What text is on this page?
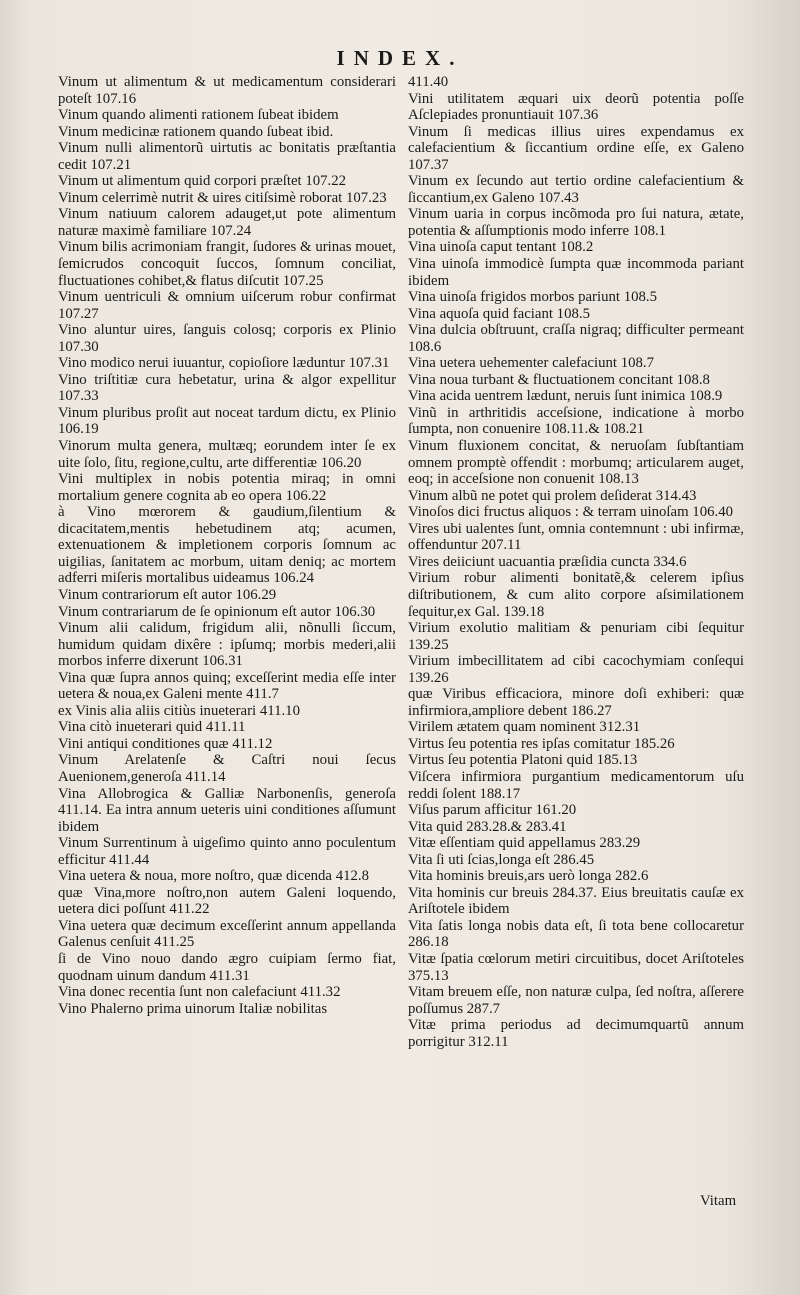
INDEX.
Vinum ut alimentum & ut medicamentum considerari poteſt 107.16
Vinum quando alimenti rationem ſubeat ibidem
Vinum medicinæ rationem quando ſubeat ibid.
Vinum nulli alimentorũ uirtutis ac bonitatis præſtantia cedit 107.21
Vinum ut alimentum quid corpori præſtet 107.22
Vinum celerrimè nutrit & uires citiſsimè roborat 107.23
Vinum natiuum calorem adauget,ut pote alimentum naturæ maximè familiare 107.24
Vinum bilis acrimoniam frangit, ſudores & urinas mouet, ſemicrudos concoquit ſuccos, ſomnum conciliat, fluctuationes cohibet,& flatus diſcutit 107.25
Vinum uentriculi & omnium uiſcerum robur confirmat 107.27
Vino aluntur uires, ſanguis colosq; corporis ex Plinio 107.30
Vino modico nerui iuuantur, copioſiore læduntur 107.31
Vino triſtitiæ cura hebetatur, urina & algor expellitur 107.33
Vinum pluribus proſit aut noceat tardum dictu, ex Plinio 106.19
Vinorum multa genera, multæq; eorundem inter ſe ex uite ſolo, ſitu, regione,cultu, arte differentiæ 106.20
Vini multiplex in nobis potentia miraq; in omni mortalium genere cognita ab eo opera 106.22
à Vino mœrorem & gaudium,ſilentium & dicacitatem,mentis hebetudinem atq; acumen, extenuationem & impletionem corporis ſomnum ac uigilias, ſanitatem ac morbum, uitam deniq; ac mortem adferri miſeris mortalibus uideamus 106.24
Vinum contrariorum eſt autor 106.29
Vinum contrariarum de ſe opinionum eſt autor 106.30
Vinum alii calidum, frigidum alii, nõnulli ſiccum, humidum quidam dixêre : ipſumq; morbis mederi,alii morbos inferre dixerunt 106.31
Vina quæ ſupra annos quinq; exceſſerint media eſſe inter uetera & noua,ex Galeni mente 411.7
ex Vinis alia aliis citiùs inueterari 411.10
Vina citò inueterari quid 411.11
Vini antiqui conditiones quæ 411.12
Vinum Arelatenſe & Caſtri noui ſecus Auenionem,generoſa 411.14
Vina Allobrogica & Galliæ Narbonenſis, generoſa 411.14. Ea intra annum ueteris uini conditiones aſſumunt ibidem
Vinum Surrentinum à uigeſimo quinto anno poculentum efficitur 411.44
Vina uetera & noua, more noſtro, quæ dicenda 412.8
quæ Vina,more noſtro,non autem Galeni loquendo, uetera dici poſſunt 411.22
Vina uetera quæ decimum exceſſerint annum appellanda Galenus cenſuit 411.25
ſi de Vino nouo dando ægro cuipiam ſermo fiat, quodnam uinum dandum 411.31
Vina donec recentia ſunt non calefaciunt 411.32
Vino Phalerno prima uinorum Italiæ nobilitas
411.40
Vini utilitatem æquari uix deorũ potentia poſſe Aſclepiades pronuntiauit 107.36
Vinum ſi medicas illius uires expendamus ex calefacientium & ſiccantium ordine eſſe, ex Galeno 107.37
Vinum ex ſecundo aut tertio ordine calefacientium & ſiccantium,ex Galeno 107.43
Vinum uaria in corpus incõmoda pro ſui natura, ætate, potentia & aſſumptionis modo inferre 108.1
Vina uinoſa caput tentant 108.2
Vina uinoſa immodicè ſumpta quæ incommoda pariant ibidem
Vina uinoſa frigidos morbos pariunt 108.5
Vina aquoſa quid faciant 108.5
Vina dulcia obſtruunt, craſſa nigraq; difficulter permeant 108.6
Vina uetera uehementer calefaciunt 108.7
Vina noua turbant & fluctuationem concitant 108.8
Vina acida uentrem lædunt, neruis ſunt inimica 108.9
Vinũ in arthritidis acceſsione, indicatione à morbo ſumpta, non conuenire 108.11.& 108.21
Vinum fluxionem concitat, & neruoſam ſubſtantiam omnem promptè offendit : morbumq; articularem auget, eoq; in acceſsione non conuenit 108.13
Vinum albũ ne potet qui prolem deſiderat 314.43
Vinoſos dici fructus aliquos : & terram uinoſam 106.40
Vires ubi ualentes ſunt, omnia contemnunt : ubi infirmæ, offenduntur 207.11
Vires deiiciunt uacuantia præſidia cuncta 334.6
Virium robur alimenti bonitatẽ,& celerem ipſius diſtributionem, & cum alito corpore aſsimilationem ſequitur,ex Gal. 139.18
Virium exolutio malitiam & penuriam cibi ſequitur 139.25
Virium imbecillitatem ad cibi cacochymiam conſequi 139.26
quæ Viribus efficaciora, minore doſi exhiberi: quæ infirmiora,ampliore debent 186.27
Virilem ætatem quam nominent 312.31
Virtus ſeu potentia res ipſas comitatur 185.26
Virtus ſeu potentia Platoni quid 185.13
Viſcera infirmiora purgantium medicamentorum uſu reddi ſolent 188.17
Viſus parum afficitur 161.20
Vita quid 283.28.& 283.41
Vitæ eſſentiam quid appellamus 283.29
Vita ſi uti ſcias,longa eſt 286.45
Vita hominis breuis,ars uerò longa 282.6
Vita hominis cur breuis 284.37. Eius breuitatis cauſæ ex Ariſtotele ibidem
Vita ſatis longa nobis data eſt, ſi tota bene collocaretur 286.18
Vitæ ſpatia cœlorum metiri circuitibus, docet Ariſtoteles 375.13
Vitam breuem eſſe, non naturæ culpa, ſed noſtra, aſſerere poſſumus 287.7
Vitæ prima periodus ad decimumquartũ annum porrigitur 312.11
Vitam
